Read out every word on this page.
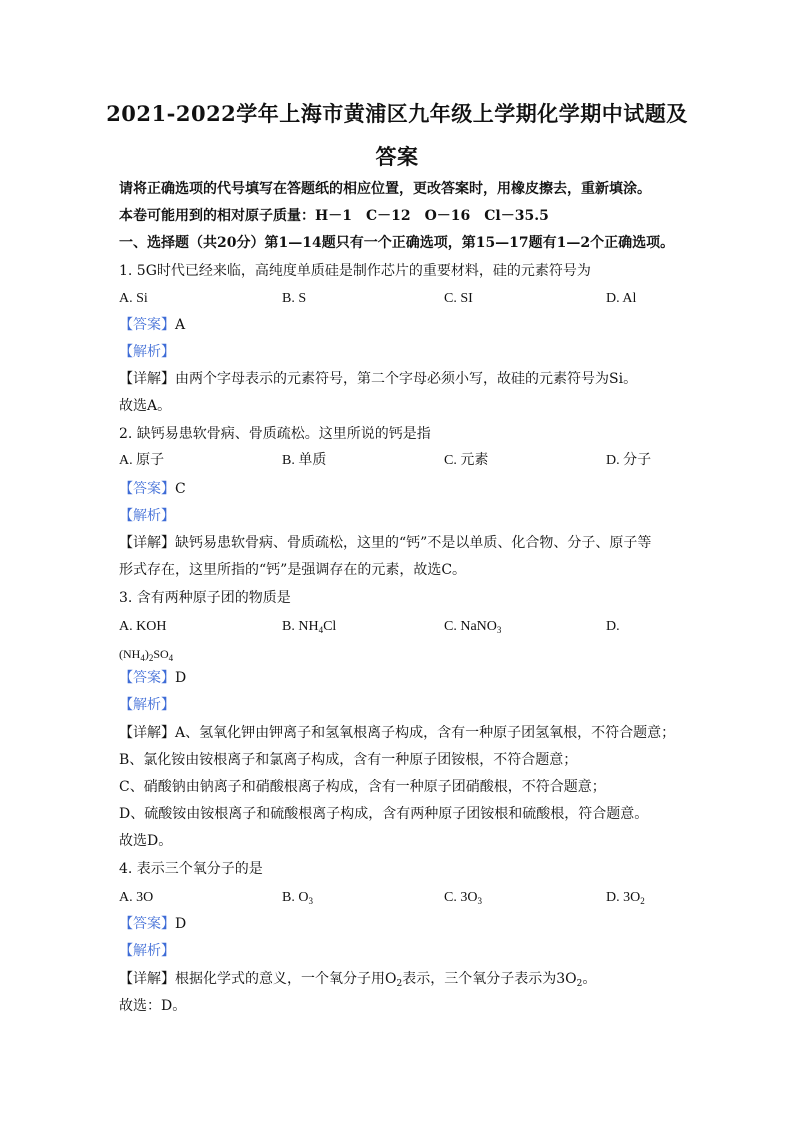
2021-2022学年上海市黄浦区九年级上学期化学期中试题及
答案
请将正确选项的代号填写在答题纸的相应位置，更改答案时，用橡皮擦去，重新填涂。
本卷可能用到的相对原子质量：H－1　C－12　O－16　Cl－35.5
一、选择题（共20分）第1—14题只有一个正确选项，第15—17题有1—2个正确选项。
1. 5G时代已经来临，高纯度单质硅是制作芯片的重要材料，硅的元素符号为
A. Si	B. S	C. SI	D. Al
【答案】A
【解析】
【详解】由两个字母表示的元素符号，第二个字母必须小写，故硅的元素符号为Si。
故选A。
2. 缺钙易患软骨病、骨质疏松。这里所说的钙是指
A. 原子	B. 单质	C. 元素	D. 分子
【答案】C
【解析】
【详解】缺钙易患软骨病、骨质疏松，这里的“钙”不是以单质、化合物、分子、原子等
形式存在，这里所指的“钙”是强调存在的元素，故选C。
3. 含有两种原子团的物质是
A. KOH	B. $NH_4Cl$	C. NaNO$_3$	D.
$(NH_4)_2SO_4$
【答案】D
【解析】
【详解】A、氢氧化钾由钾离子和氢氧根离子构成，含有一种原子团氢氧根，不符合题意；
B、氯化铵由铵根离子和氯离子构成，含有一种原子团铵根，不符合题意；
C、硝酸钠由钠离子和硝酸根离子构成，含有一种原子团硝酸根，不符合题意；
D、硫酸铵由铵根离子和硫酸根离子构成，含有两种原子团铵根和硫酸根，符合题意。
故选D。
4. 表示三个氧分子的是
A. 3O	B. $O_3$	C. $3O_3$	D. $3O_2$
【答案】D
【解析】
【详解】根据化学式的意义，一个氧分子用$O_2$表示，三个氧分子表示为$3O_2$。
故选：D。
